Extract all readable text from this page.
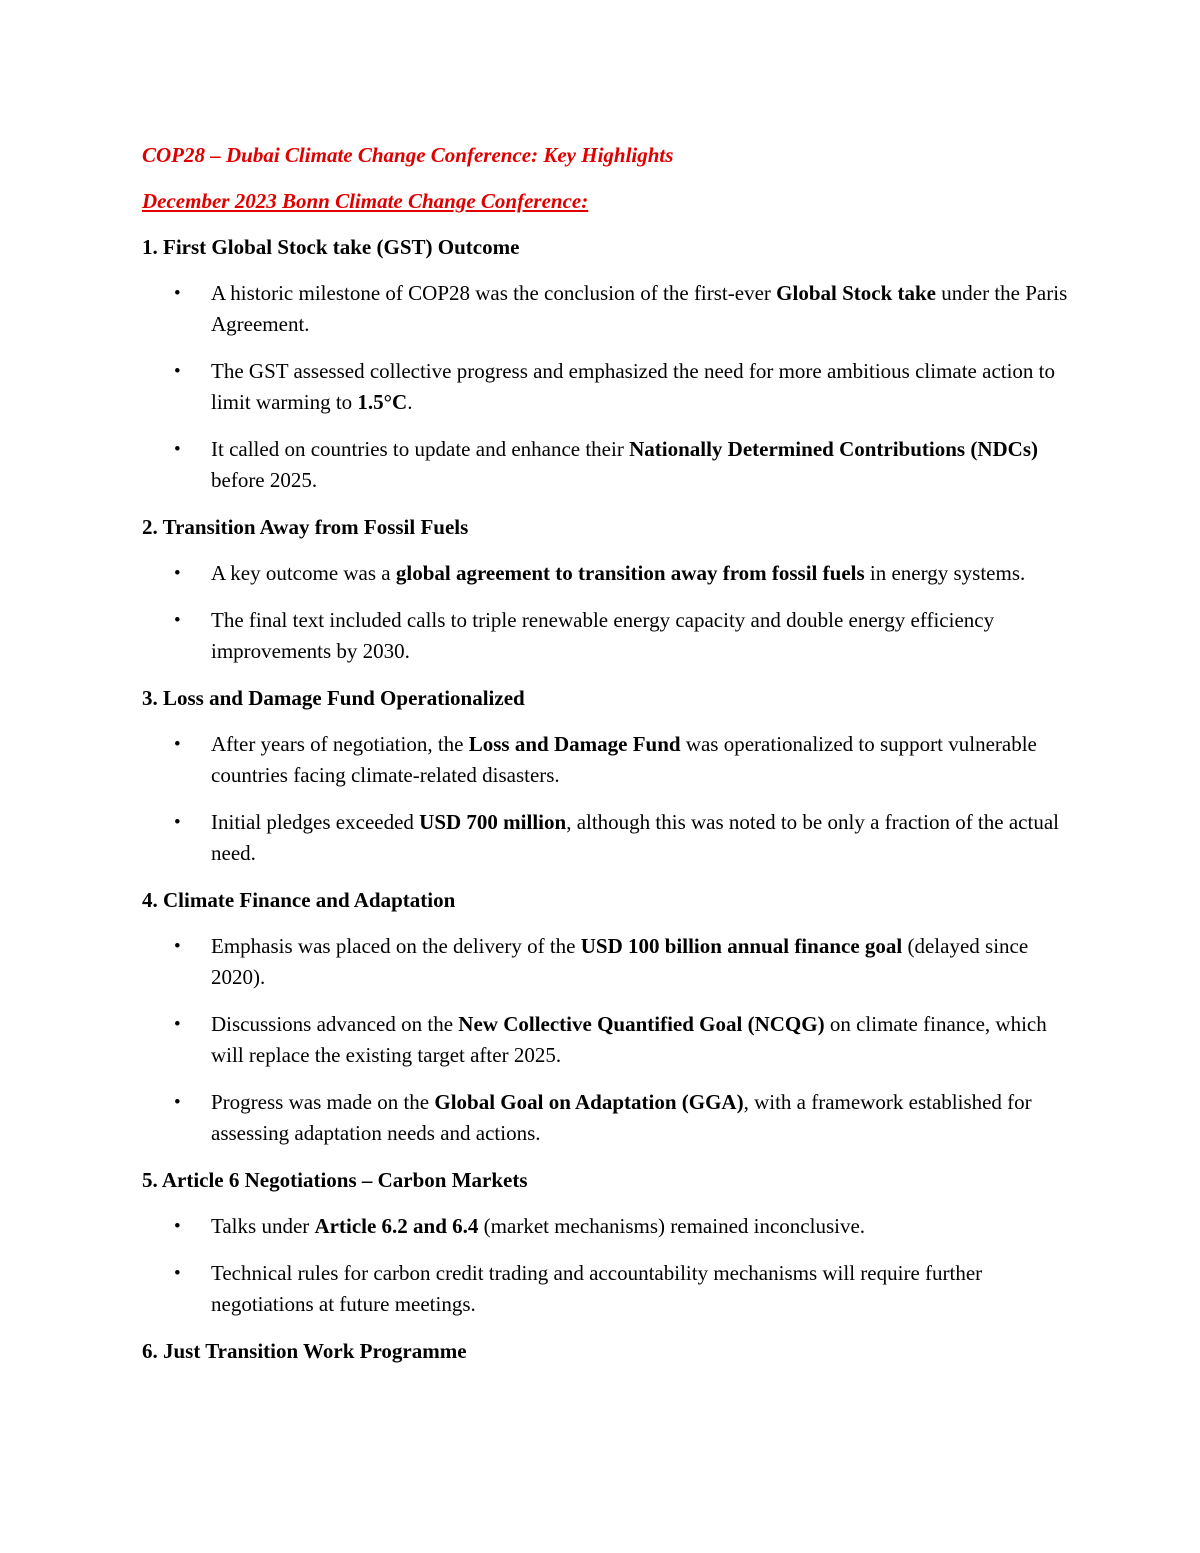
COP28 – Dubai Climate Change Conference: Key Highlights

December 2023 Bonn Climate Change Conference:

1. First Global Stock take (GST) Outcome

• A historic milestone of COP28 was the conclusion of the first-ever Global Stock take under the Paris Agreement.
• The GST assessed collective progress and emphasized the need for more ambitious climate action to limit warming to 1.5°C.
• It called on countries to update and enhance their Nationally Determined Contributions (NDCs) before 2025.

2. Transition Away from Fossil Fuels

• A key outcome was a global agreement to transition away from fossil fuels in energy systems.
• The final text included calls to triple renewable energy capacity and double energy efficiency improvements by 2030.

3. Loss and Damage Fund Operationalized

• After years of negotiation, the Loss and Damage Fund was operationalized to support vulnerable countries facing climate-related disasters.
• Initial pledges exceeded USD 700 million, although this was noted to be only a fraction of the actual need.

4. Climate Finance and Adaptation

• Emphasis was placed on the delivery of the USD 100 billion annual finance goal (delayed since 2020).
• Discussions advanced on the New Collective Quantified Goal (NCQG) on climate finance, which will replace the existing target after 2025.
• Progress was made on the Global Goal on Adaptation (GGA), with a framework established for assessing adaptation needs and actions.

5. Article 6 Negotiations – Carbon Markets

• Talks under Article 6.2 and 6.4 (market mechanisms) remained inconclusive.
• Technical rules for carbon credit trading and accountability mechanisms will require further negotiations at future meetings.

6. Just Transition Work Programme
